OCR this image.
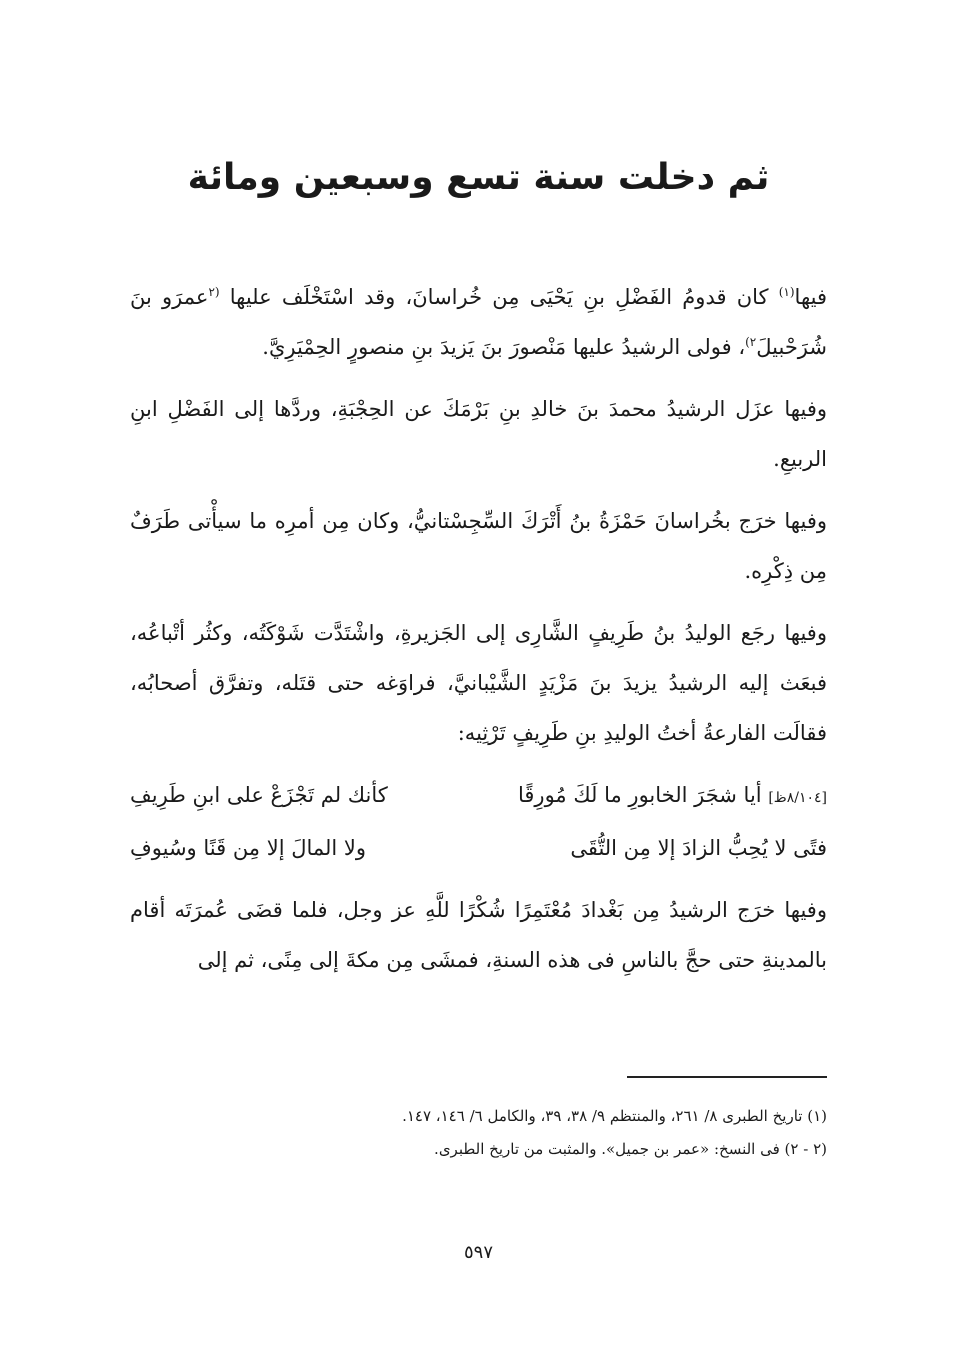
ثم دخلت سنة تسع وسبعين ومائة

فيها$^{(١)}$ كان قدومُ الفَضْلِ بنِ يَحْيَى مِن خُراسانَ، وقد اسْتَخْلَف عليها $^{(٢}$عمرَو بنَ شُرَحْبيلَ$^{٢)}$، فولى الرشيدُ عليها مَنْصورَ بنَ يَزيدَ بنِ منصورٍ الحِمْيَرِيَّ.

وفيها عزَل الرشيدُ محمدَ بنَ خالدِ بنِ بَرْمَكَ عن الحِجْبَةِ، وردَّها إلى الفَضْلِ ابنِ الربيعِ.

وفيها خرَج بخُراسانَ حَمْزَةُ بنُ أَتْرَكَ السِّجِسْتانيُّ، وكان مِن أمرِه ما سيأْتى طَرَفٌ مِن ذِكْرِه.

وفيها رجَع الوليدُ بنُ طَرِيفٍ الشَّارِى إلى الجَزيرةِ، واشْتَدَّت شَوْكَتُه، وكثُر أتْباعُه، فبعَث إليه الرشيدُ يزيدَ بنَ مَزْيَدٍ الشَّيْبانيَّ، فراوَغه حتى قتَله، وتفرَّق أصحابُه، فقالَت الفارعةُ أختُ الوليدِ بنِ طَرِيفٍ تَرْثِيه:

[٨/١٠٤ظ] أيا شجَرَ الخابورِ ما لَكَ مُورِقًا
كأنك لم تَجْزَعْ على ابنِ طَرِيفِ
فتًى لا يُحِبُّ الزادَ إلا مِن التُّقَى
ولا المالَ إلا مِن قَنًا وسُيوفِ

وفيها خرَج الرشيدُ مِن بَغْدادَ مُعْتَمِرًا شُكْرًا للَّهِ عز وجل، فلما قضَى عُمرَتَه أقام بالمدينةِ حتى حجَّ بالناسِ فى هذه السنةِ، فمشَى مِن مكةَ إلى مِنًى، ثم إلى

(١) تاريخ الطبرى ٨/ ٢٦١، والمنتظم ٩/ ٣٨، ٣٩، والكامل ٦/ ١٤٦، ١٤٧.
(٢ - ٢) فى النسخ: «عمر بن جميل». والمثبت من تاريخ الطبرى.
٥٩٧
